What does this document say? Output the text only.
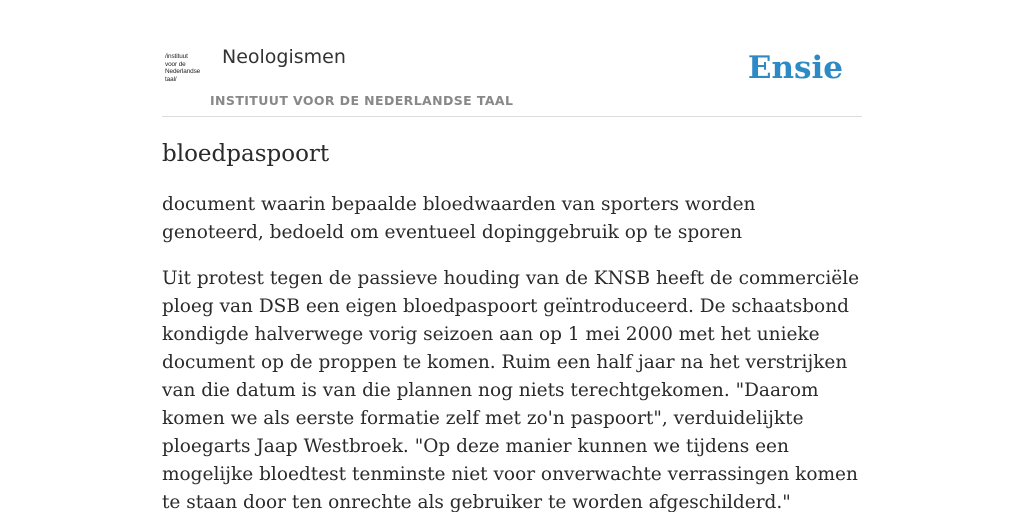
/instituut
voor de
Nederlandse
taal/
Neologismen
INSTITUUT VOOR DE NEDERLANDSE TAAL
Ensie
bloedpaspoort

document waarin bepaalde bloedwaarden van sporters worden genoteerd, bedoeld om eventueel dopinggebruik op te sporen

Uit protest tegen de passieve houding van de KNSB heeft de commerciële ploeg van DSB een eigen bloedpaspoort geïntroduceerd. De schaatsbond kondigde halverwege vorig seizoen aan op 1 mei 2000 met het unieke document op de proppen te komen. Ruim een half jaar na het verstrijken van die datum is van die plannen nog niets terechtgekomen. "Daarom komen we als eerste formatie zelf met zo'n paspoort", verduidelijkte ploegarts Jaap Westbroek. "Op deze manier kunnen we tijdens een mogelijke bloedtest tenminste niet voor onverwachte verrassingen komen te staan door ten onrechte als gebruiker te worden afgeschilderd."
